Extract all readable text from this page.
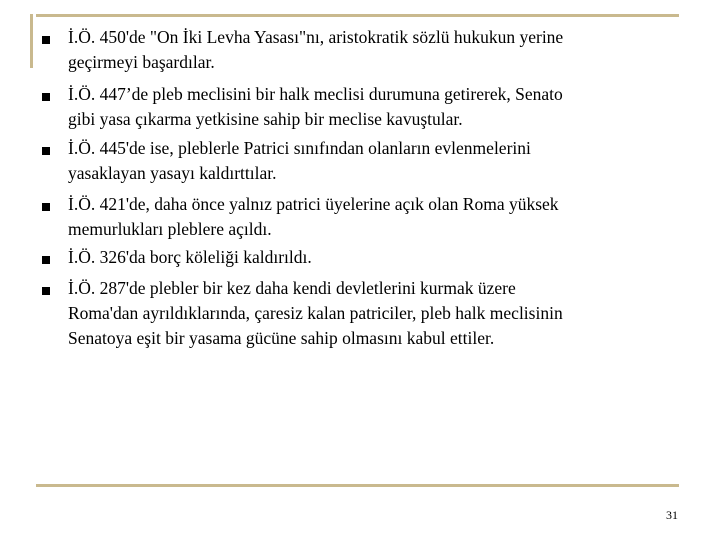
İ.Ö. 450'de "On İki Levha Yasası"nı, aristokratik sözlü hukukun yerine
geçirmeyi başardılar.
İ.Ö. 447’de pleb meclisini bir halk meclisi durumuna getirerek, Senato
gibi yasa çıkarma yetkisine sahip bir meclise kavuştular.
İ.Ö. 445'de ise, pleblerle Patrici sınıfından olanların evlenmelerini
yasaklayan yasayı kaldırttılar.
İ.Ö. 421'de, daha önce yalnız patrici üyelerine açık olan Roma yüksek
memurlukları pleblere açıldı.
İ.Ö. 326'da borç köleliği kaldırıldı.
İ.Ö. 287'de plebler bir kez daha kendi devletlerini kurmak üzere
Roma'dan ayrıldıklarında, çaresiz kalan patriciler, pleb halk meclisinin
Senatoya eşit bir yasama gücüne sahip olmasını kabul ettiler.
31
